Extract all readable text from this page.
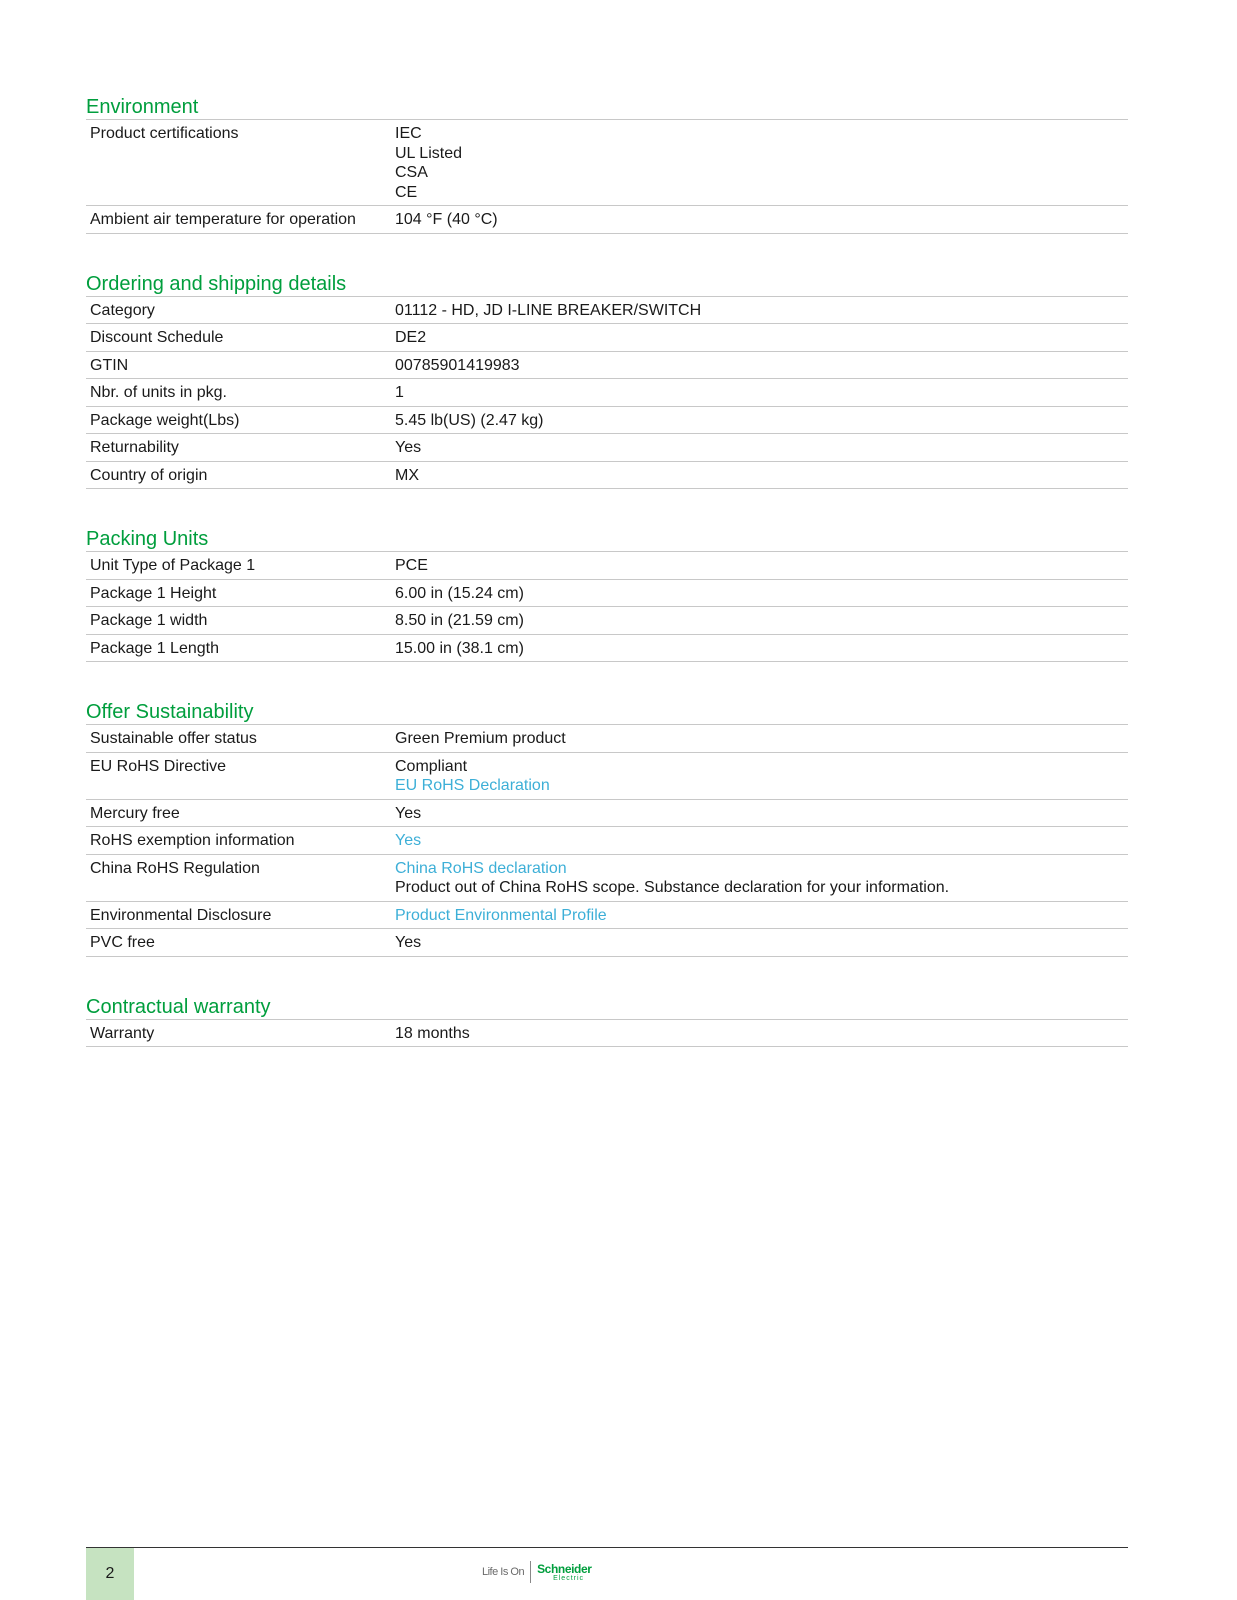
Environment
Product certifications	IEC
UL Listed
CSA
CE
Ambient air temperature for operation	104 °F (40 °C)
Ordering and shipping details
Category	01112 - HD, JD I-LINE BREAKER/SWITCH
Discount Schedule	DE2
GTIN	00785901419983
Nbr. of units in pkg.	1
Package weight(Lbs)	5.45 lb(US) (2.47 kg)
Returnability	Yes
Country of origin	MX
Packing Units
Unit Type of Package 1	PCE
Package 1 Height	6.00 in (15.24 cm)
Package 1 width	8.50 in (21.59 cm)
Package 1 Length	15.00 in (38.1 cm)
Offer Sustainability
Sustainable offer status	Green Premium product
EU RoHS Directive	Compliant
EU RoHS Declaration
Mercury free	Yes
RoHS exemption information	Yes
China RoHS Regulation	China RoHS declaration
Product out of China RoHS scope. Substance declaration for your information.
Environmental Disclosure	Product Environmental Profile
PVC free	Yes
Contractual warranty
Warranty	18 months
2	Life Is On Schneider
Electric
